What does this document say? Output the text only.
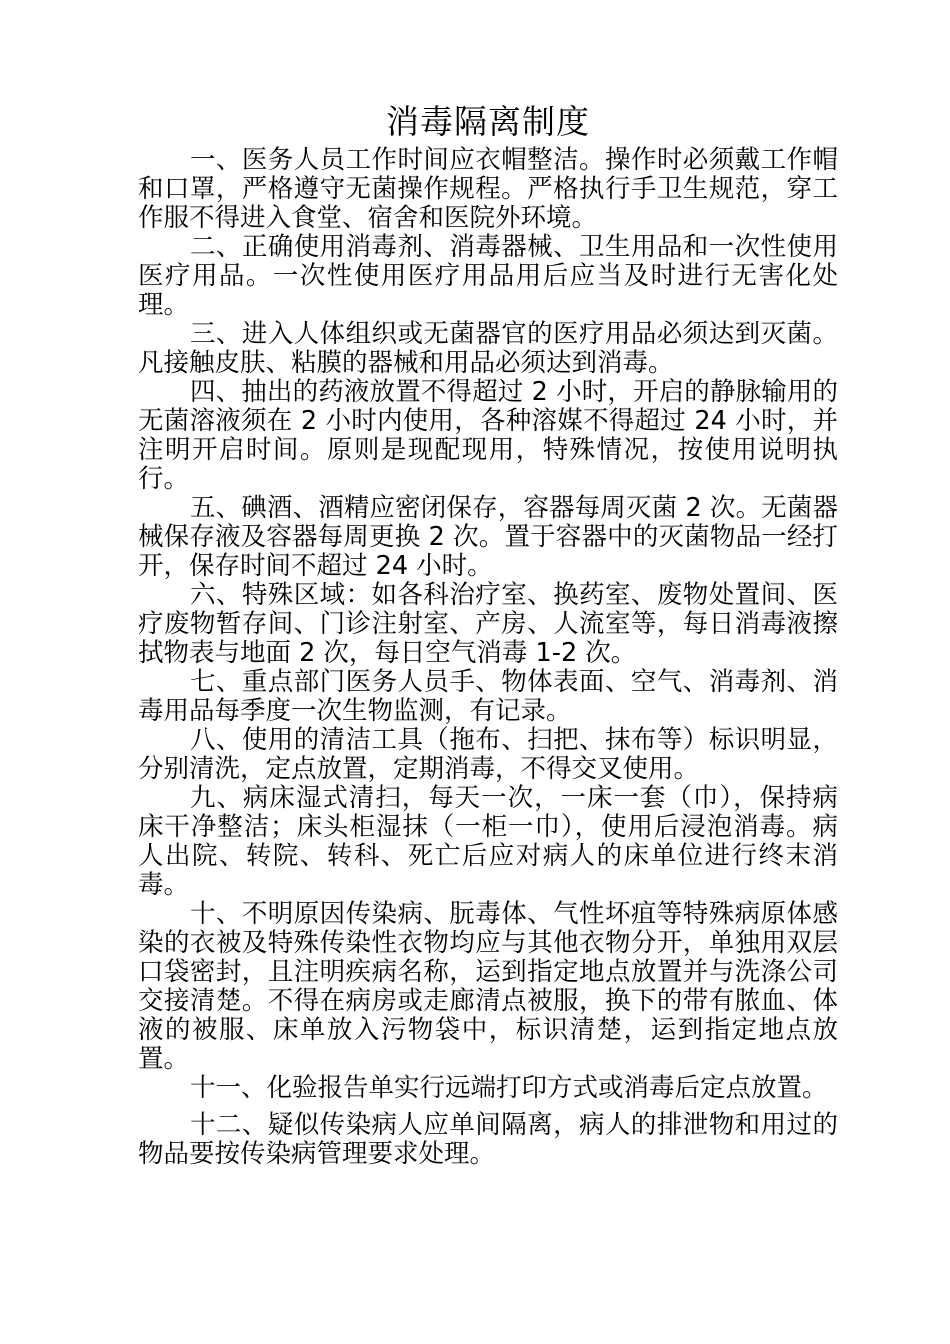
消毒隔离制度

一、医务人员工作时间应衣帽整洁。操作时必须戴工作帽和口罩，严格遵守无菌操作规程。严格执行手卫生规范，穿工作服不得进入食堂、宿舍和医院外环境。

二、正确使用消毒剂、消毒器械、卫生用品和一次性使用医疗用品。一次性使用医疗用品用后应当及时进行无害化处理。

三、进入人体组织或无菌器官的医疗用品必须达到灭菌。凡接触皮肤、粘膜的器械和用品必须达到消毒。

四、抽出的药液放置不得超过 2 小时，开启的静脉输用的无菌溶液须在 2 小时内使用，各种溶媒不得超过 24 小时，并注明开启时间。原则是现配现用，特殊情况，按使用说明执行。

五、碘酒、酒精应密闭保存，容器每周灭菌 2 次。无菌器械保存液及容器每周更换 2 次。置于容器中的灭菌物品一经打开，保存时间不超过 24 小时。

六、特殊区域：如各科治疗室、换药室、废物处置间、医疗废物暂存间、门诊注射室、产房、人流室等，每日消毒液擦拭物表与地面 2 次，每日空气消毒 1-2 次。

七、重点部门医务人员手、物体表面、空气、消毒剂、消毒用品每季度一次生物监测，有记录。

八、使用的清洁工具（拖布、扫把、抹布等）标识明显，分别清洗，定点放置，定期消毒，不得交叉使用。

九、病床湿式清扫，每天一次，一床一套（巾），保持病床干净整洁；床头柜湿抹（一柜一巾），使用后浸泡消毒。病人出院、转院、转科、死亡后应对病人的床单位进行终末消毒。

十、不明原因传染病、朊毒体、气性坏疽等特殊病原体感染的衣被及特殊传染性衣物均应与其他衣物分开，单独用双层口袋密封，且注明疾病名称，运到指定地点放置并与洗涤公司交接清楚。不得在病房或走廊清点被服，换下的带有脓血、体液的被服、床单放入污物袋中，标识清楚，运到指定地点放置。

十一、化验报告单实行远端打印方式或消毒后定点放置。

十二、疑似传染病人应单间隔离，病人的排泄物和用过的物品要按传染病管理要求处理。
